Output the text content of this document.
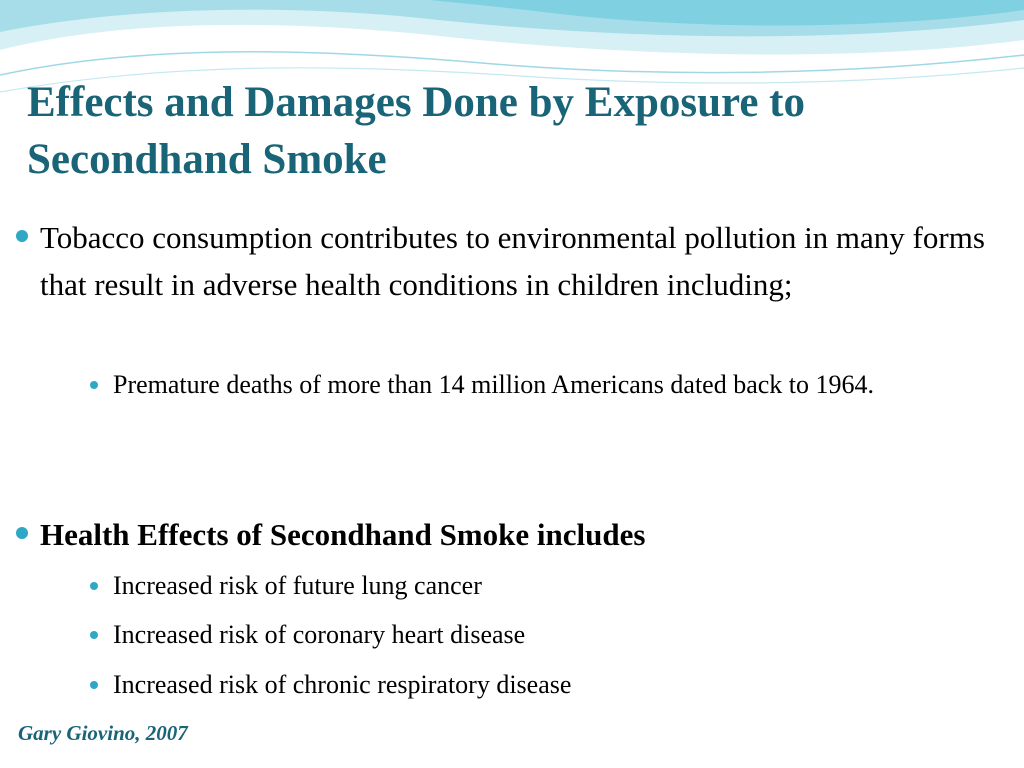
Effects and Damages Done by Exposure to Secondhand Smoke
Tobacco consumption contributes to environmental pollution in many forms that result in adverse health conditions in children including;
Premature deaths of more than 14 million Americans dated back to 1964.
Health Effects of Secondhand Smoke includes
Increased risk of future lung cancer
Increased risk of coronary heart disease
Increased risk of chronic respiratory disease
Gary Giovino, 2007
